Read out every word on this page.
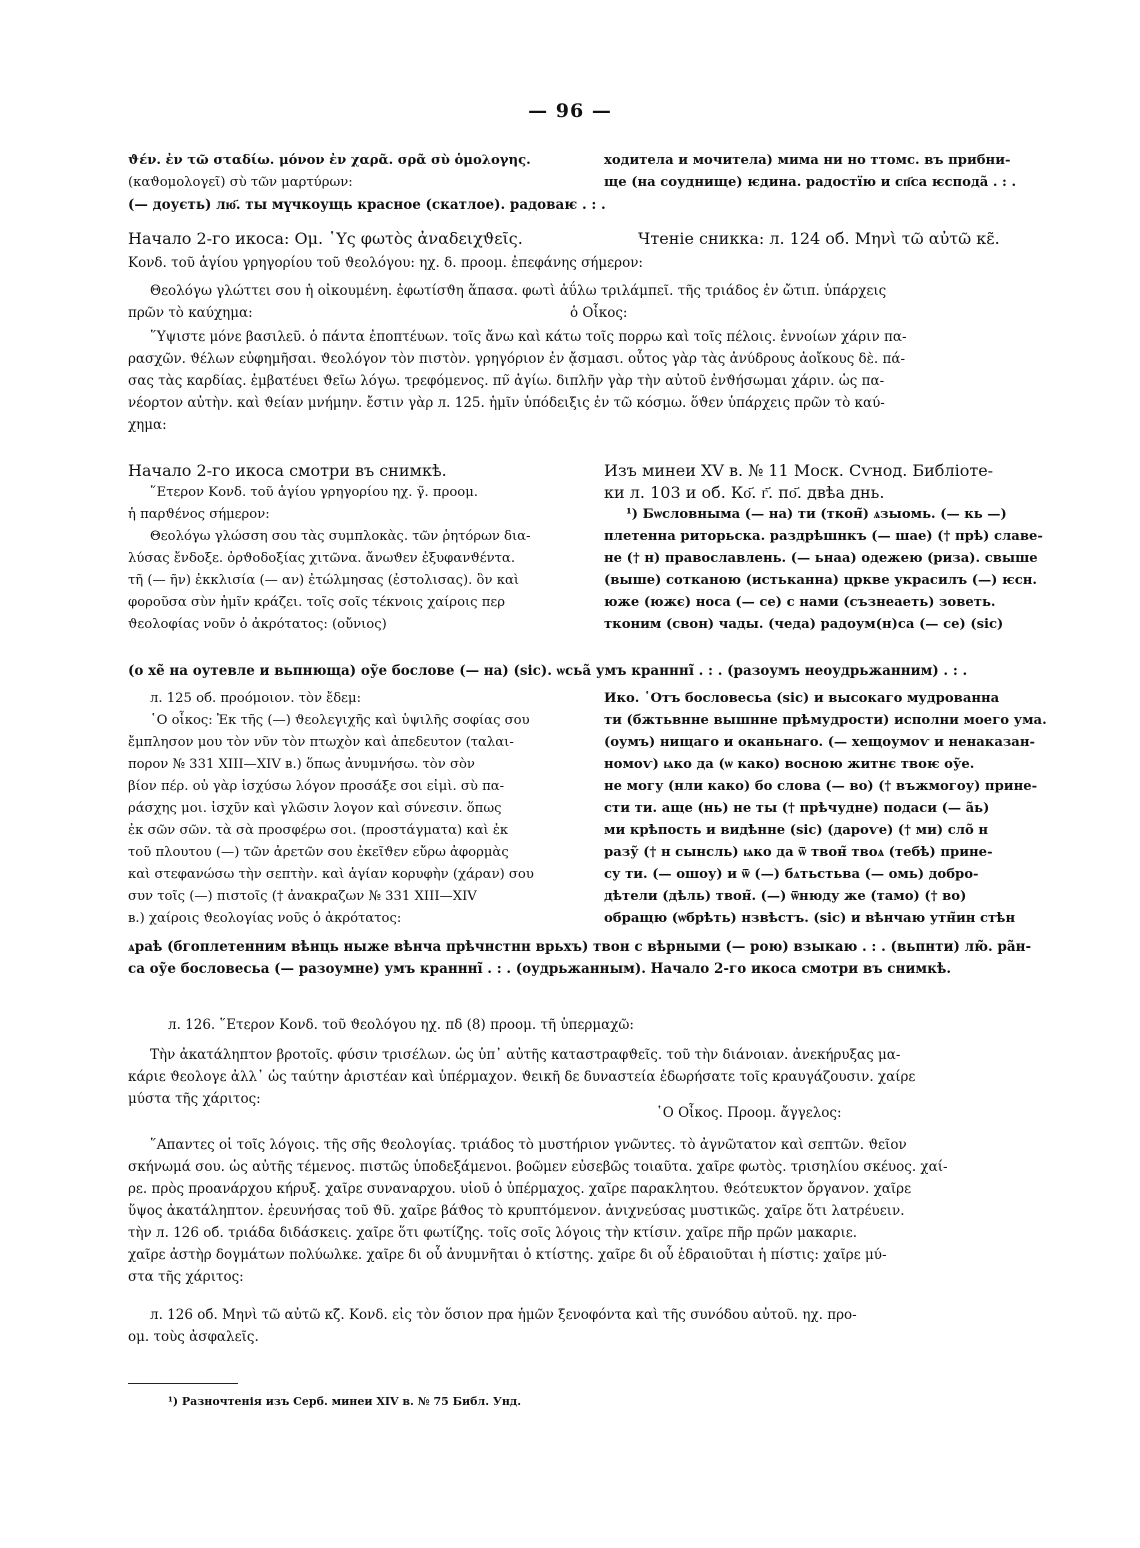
— 96 —
ϑέν. ἐν τῶ σταδίω. μόνον ἐν χαρᾶ. σρᾶ σὺ ὁμολογης.
(καϑομολογεῖ) σὺ τῶν μαρτύρων:
ходитела и мочитела) мима ни но ттомс. въ прибни-
ще (на соуднище) ѥдина. радостїю и сп҃са ѥспода̃ . : .
(— доуєть) лю҃. ты мүчкоущь красное (скатлое). радоваѥ . : .
Начало 2-го икоса: Ομ. ῾Υς φωτὸς ἀναδειχϑεῖς.	Чтеніе сникка: л. 124 об. Μηνὶ τῶ αὐτῶ κε̃.
Κονδ. τοῦ ἁγίου γρηγορίου τοῦ ϑεολόγου: ηχ. δ. προομ. ἐπεφάνης σήμερον:
Θεολόγω γλώττει σου ἡ οἰκουμένη. ἐφωτίσϑη ἅπασα. φωτὶ ἀΰλω τριλάμπεῖ. τῆς τριάδος ἐν ὤτιπ. ὑπάρχεις
πρῶν τὸ καύχημα:	ὁ Οἶκος:
῞Υψιστε μόνε βασιλεῦ. ὁ πάντα ἐποπτέυων. τοῖς ἄνω καὶ κάτω τοῖς πορρω καὶ τοῖς πέλοις. ἐννοίων χάριν πα-
ρασχῶν. ϑέλων εὐφημῆσαι. ϑεολόγον τὸν πιστὸν. γρηγόριον ἐν ᾄσμασι. οὗτος γὰρ τὰς ἀνύδρους ἀοἴκους δὲ. πά-
σας τὰς καρδίας. ἐμβατέυει ϑεῖω λόγω. τρεφόμενος. πν̃ ἁγίω. διπλῆν γὰρ τὴν αὐτοῦ ἐνϑήσωμαι χάριν. ὡς πα-
νέορτον αὐτὴν. καὶ ϑείαν μνήμην. ἔστιν γὰρ л. 125. ἡμῖν ὑπόδειξις ἐν τῶ κόσμω. ὅϑεν ὑπάρχεις πρῶν τὸ καύ-
χημα:
Начало 2-го икоса смотри въ снимкѣ.
῞Ετερον Κονδ. τοῦ ἁγίου γρηγορίου ηχ. γ̃. προομ.
ἡ παρϑένος σήμερον:
Θεολόγω γλώσση σου τὰς συμπλοκὰς. τῶν ῥητόρων δια-
λύσας ἔνδοξε. ὀρϑοδοξίας χιτῶνα. ἄνωϑεν ἐξυφανϑέντα.
τῆ (— ῆν) ἐκκλισία (— αν) ἐτώλμησας (ἐστολισας). ὃν καὶ
φοροῦσα σὺν ἡμῖν κράζει. τοῖς σοῖς τέκνοις χαίροις περ
ϑεολοφίας νοῦν ὁ ἀκρότατος: (οὔνιος)
Изъ минеи XV в. № 11 Моск. Сѵнод. Библіоте-
ки л. 103 и об. Ко҃. г҃. по҃. двѣа днь.
¹) Бѡсловнымa (— нa) ти (ткон̃) ѧзыомь. (— кь —)
плетеннa риторьска. раздрѣшнкъ (— шае) († прѣ) славе-
не († н) православлень. (— ьнaa) одежею (риза). свыше
(выше) сотканою (истьканна) цркве украсилъ (—) ѥсн.
юже (южє) носa (— се) с нами (съзнеаеть) зоветь.
тконим (свон) чады. (чеда) радоум(н)са (— се) (sic)
(о хе̃ на оутeвле и вьпнюща) оу̃е боcлове (— на) (sic). ѡсьа̃ умъ краннні̃ . : . (разоумъ неоудрьжанним) . : .
л. 125 об. προόμοιον. τὸν ἔδεμ:
῾Ο οἶκος: Ἐκ τῆς (—) ϑεολεγιχῆς καὶ ὑψιλῆς σοφίας σου
ἔμπλησον μου τὸν νῦν τὸν πτωχὸν καὶ ἀπεδευτον (ταλαι-
πορον № 331 XIII—XIV в.) ὅπως ἀνυμνήσω. τὸν σὸν
βίον πέρ. οὐ γὰρ ἰσχύσω λόγον προσάξε σοι εἰμὶ. σὺ πα-
ράσχης μοι. ἰσχῦν καὶ γλῶσιν λογον καὶ σύνεσιν. ὅπως
ἐκ σῶν σῶν. τὰ σὰ προσφέρω σοι. (προστάγματα) καὶ ἐκ
τοῦ πλουτου (—) τῶν ἀρετῶν σου ἐκεῖϑεν εὔρω ἀφορμὰς
καὶ στεφανώσω τὴν σεπτὴν. καὶ ἁγίαν κορυφὴν (χάραν) σου
συν τοῖς (—) πιστοῖς († ἀνακραζων № 331 XIII—XIV
в.) χαίροις ϑεολογίας νοῦς ὁ ἀκρότατος:
Ико. ῾Отъ боcловесьa (sic) и высокаго мудрованна
ти (бжтьвнне вышнне прѣмудрости) исполни моего ума.
(оумъ) нищаго и оканьнаго. (— хещоумоѵ и ненаказан-
номоѵ) ѩко да (ѡ како) воcною житнє твоѥ оу̃е.
не могу (нли како) бо слова (— во) († въжмогоу) прине-
сти ти. аще (нь) не ты († прѣчудне) подаси (— а̃ь)
ми крѣпость и видѣнне (sic) (дароѵе) († ми) сло̃ н
разу̃ († н сынсль) ѩко да ѿ твон̃ твоѧ (тебѣ) прине-
су ти. (— ошоу) и ѿ (—) бѧтьстьва (— омь) добро-
дѣтели (дѣль) твон̃. (—) ѿнюду же (тамо) († во)
обращю (ѡбрѣть) нзвѣстъ. (sic) и вѣнчаю утн̃ин стѣн
ѧраѣ (бгоплетенним вѣнць ныже вѣнча прѣчнстнн врьхъ) твон с вѣрными (— рою) взыкаю . : . (вьпнти) лю̃. ра̃н-
са оу̃е боcловесьa (— разоумне) умъ краннні̃ . : . (оудрьжанным). Начало 2-го икоса смотри въ снимкѣ.
л. 126. ῞Ετερον Κονδ. τοῦ ϑεολόγου ηχ. πδ (8) προομ. τῆ ὑπερμαχῶ:
Τὴν ἀκατάληπτον βροτοῖς. φύσιν τρισέλων. ὡς ὑπ᾿ αὐτῆς καταστραφϑεῖς. τοῦ τὴν διάνοιαν. ἀνεκήρυξας μα-
κάριε ϑεολογε ἀλλ᾿ ὡς ταύτην ἀριστέαν καὶ ὑπέρμαχον. ϑεικῆ δε δυναστεία ἐδωρήσατε τοῖς κραυγάζουσιν. χαίρε
μύστα τῆς χάριτος:
῾Ο Οἶκος. Προομ. ἄγγελος:
῞Απαντες οἱ τοῖς λόγοις. τῆς σῆς ϑεολογίας. τριάδος τὸ μυστήριον γνῶντες. τὸ ἀγνῶτατον καὶ σεπτῶν. ϑεῖον
σκήνωμά σου. ὡς αὐτῆς τέμενος. πιστῶς ὑποδεξάμενοι. βοῶμεν εὐσεβῶς τοιαῦτα. χαῖρε φωτὸς. τρισηλίου σκέυος. χαί-
ρε. πρὸς προανάρχου κήρυξ. χαῖρε συναναρχου. υἱοῦ ὁ ὑπέρμαχος. χαῖρε παρακλητου. ϑεότευκτον ὄργανον. χαῖρε
ὕψος ἀκατάληπτον. ἐρευνήσας τοῦ ϑῦ. χαῖρε βάϑος τὸ κρυπτόμενον. ἀνιχνεύσας μυστικῶς. χαῖρε ὅτι λατρέυειν.
τὴν л. 126 об. τριάδα διδάσκεις. χαῖρε ὅτι φωτίζης. τοῖς σοῖς λόγοις τὴν κτίσιν. χαῖρε πῆρ πρῶν μακαριε.
χαῖρε ἀστὴρ δογμάτων πολύωλκε. χαῖρε δι οὗ ἀνυμνῆται ὁ κτίστης. χαῖρε δι οὗ ἑδραιοῦται ἡ πίστις: χαῖρε μύ-
στα τῆς χάριτος:
л. 126 об. Μηνὶ τῶ αὐτῶ κζ̃. Κονδ. εἰς τὸν ὅσιον πρα ἡμῶν ξενοφόντα καὶ τῆς συνόδου αὐτοῦ. ηχ. προ-
ομ. τοὺς ἀσφαλεῖς.
¹) Разночтенія изъ Серб. минеи XIV в. № 75 Библ. Унд.
